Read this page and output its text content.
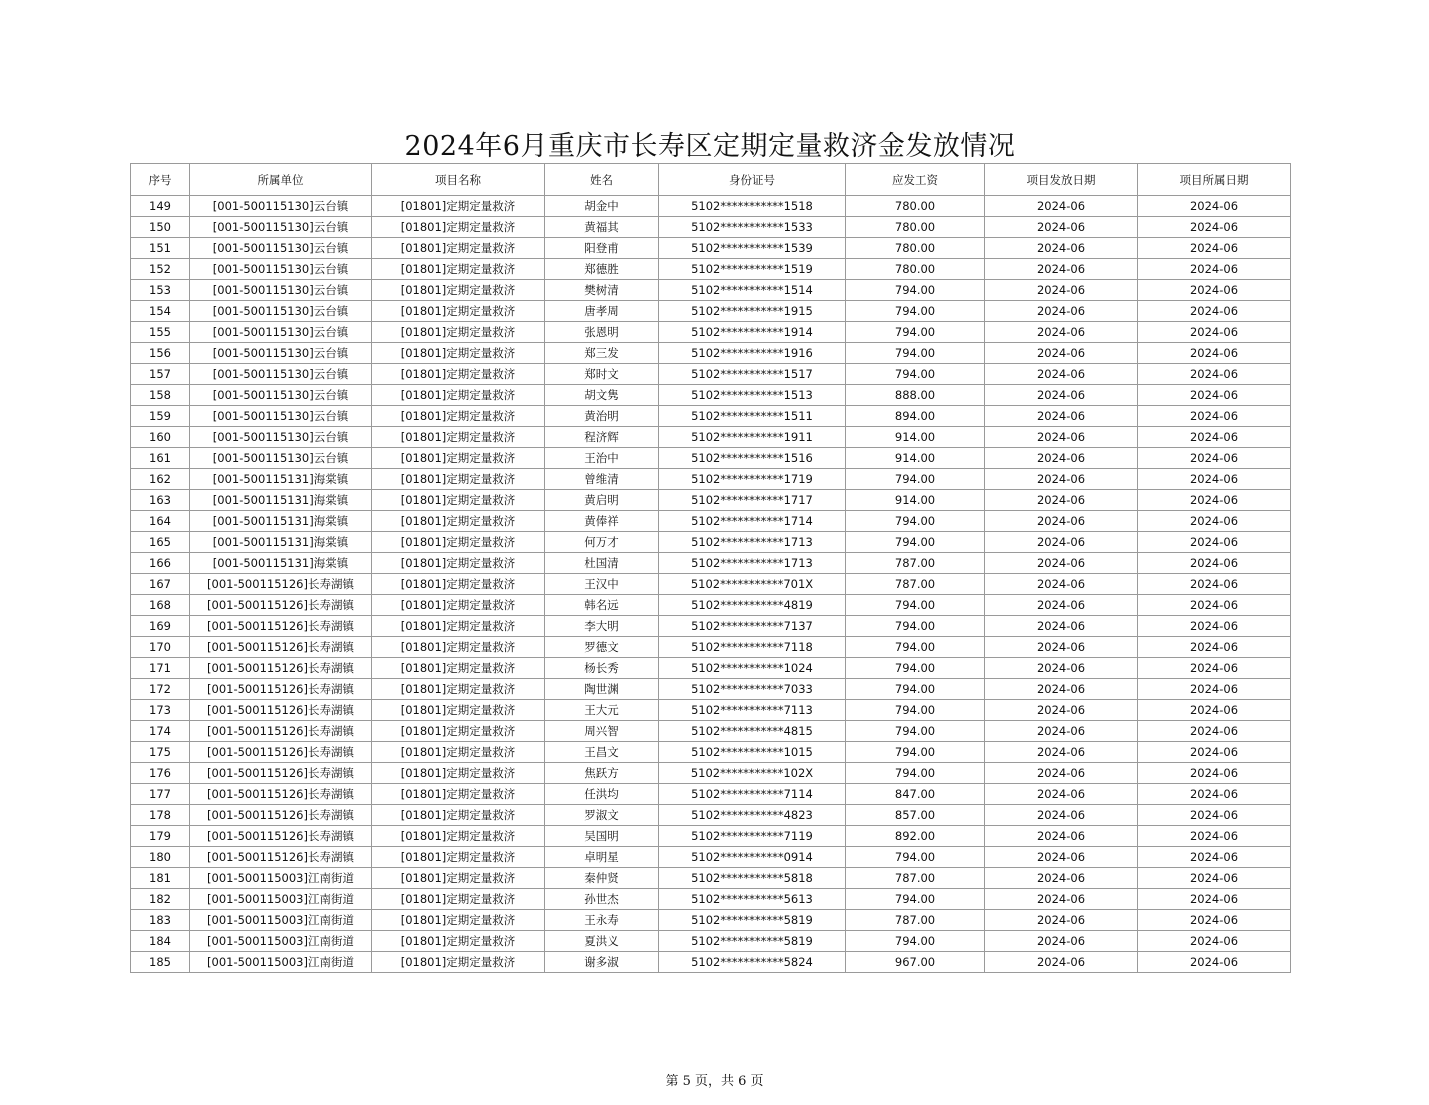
2024年6月重庆市长寿区定期定量救济金发放情况
序号	所属单位	项目名称	姓名	身份证号	应发工资	项目发放日期	项目所属日期
149	[001-500115130]云台镇	[01801]定期定量救济	胡金中	5102***********1518	780.00	2024-06	2024-06
150	[001-500115130]云台镇	[01801]定期定量救济	黄福其	5102***********1533	780.00	2024-06	2024-06
151	[001-500115130]云台镇	[01801]定期定量救济	阳登甫	5102***********1539	780.00	2024-06	2024-06
152	[001-500115130]云台镇	[01801]定期定量救济	郑德胜	5102***********1519	780.00	2024-06	2024-06
153	[001-500115130]云台镇	[01801]定期定量救济	樊树清	5102***********1514	794.00	2024-06	2024-06
154	[001-500115130]云台镇	[01801]定期定量救济	唐孝周	5102***********1915	794.00	2024-06	2024-06
155	[001-500115130]云台镇	[01801]定期定量救济	张恩明	5102***********1914	794.00	2024-06	2024-06
156	[001-500115130]云台镇	[01801]定期定量救济	郑三发	5102***********1916	794.00	2024-06	2024-06
157	[001-500115130]云台镇	[01801]定期定量救济	郑时文	5102***********1517	794.00	2024-06	2024-06
158	[001-500115130]云台镇	[01801]定期定量救济	胡文隽	5102***********1513	888.00	2024-06	2024-06
159	[001-500115130]云台镇	[01801]定期定量救济	黄治明	5102***********1511	894.00	2024-06	2024-06
160	[001-500115130]云台镇	[01801]定期定量救济	程济辉	5102***********1911	914.00	2024-06	2024-06
161	[001-500115130]云台镇	[01801]定期定量救济	王治中	5102***********1516	914.00	2024-06	2024-06
162	[001-500115131]海棠镇	[01801]定期定量救济	曾维清	5102***********1719	794.00	2024-06	2024-06
163	[001-500115131]海棠镇	[01801]定期定量救济	黄启明	5102***********1717	914.00	2024-06	2024-06
164	[001-500115131]海棠镇	[01801]定期定量救济	黄俸祥	5102***********1714	794.00	2024-06	2024-06
165	[001-500115131]海棠镇	[01801]定期定量救济	何万才	5102***********1713	794.00	2024-06	2024-06
166	[001-500115131]海棠镇	[01801]定期定量救济	杜国清	5102***********1713	787.00	2024-06	2024-06
167	[001-500115126]长寿湖镇	[01801]定期定量救济	王汉中	5102***********701X	787.00	2024-06	2024-06
168	[001-500115126]长寿湖镇	[01801]定期定量救济	韩名远	5102***********4819	794.00	2024-06	2024-06
169	[001-500115126]长寿湖镇	[01801]定期定量救济	李大明	5102***********7137	794.00	2024-06	2024-06
170	[001-500115126]长寿湖镇	[01801]定期定量救济	罗德文	5102***********7118	794.00	2024-06	2024-06
171	[001-500115126]长寿湖镇	[01801]定期定量救济	杨长秀	5102***********1024	794.00	2024-06	2024-06
172	[001-500115126]长寿湖镇	[01801]定期定量救济	陶世渊	5102***********7033	794.00	2024-06	2024-06
173	[001-500115126]长寿湖镇	[01801]定期定量救济	王大元	5102***********7113	794.00	2024-06	2024-06
174	[001-500115126]长寿湖镇	[01801]定期定量救济	周兴智	5102***********4815	794.00	2024-06	2024-06
175	[001-500115126]长寿湖镇	[01801]定期定量救济	王昌文	5102***********1015	794.00	2024-06	2024-06
176	[001-500115126]长寿湖镇	[01801]定期定量救济	焦跃方	5102***********102X	794.00	2024-06	2024-06
177	[001-500115126]长寿湖镇	[01801]定期定量救济	任洪均	5102***********7114	847.00	2024-06	2024-06
178	[001-500115126]长寿湖镇	[01801]定期定量救济	罗淑文	5102***********4823	857.00	2024-06	2024-06
179	[001-500115126]长寿湖镇	[01801]定期定量救济	吴国明	5102***********7119	892.00	2024-06	2024-06
180	[001-500115126]长寿湖镇	[01801]定期定量救济	卓明星	5102***********0914	794.00	2024-06	2024-06
181	[001-500115003]江南街道	[01801]定期定量救济	秦仲贤	5102***********5818	787.00	2024-06	2024-06
182	[001-500115003]江南街道	[01801]定期定量救济	孙世杰	5102***********5613	794.00	2024-06	2024-06
183	[001-500115003]江南街道	[01801]定期定量救济	王永寿	5102***********5819	787.00	2024-06	2024-06
184	[001-500115003]江南街道	[01801]定期定量救济	夏洪义	5102***********5819	794.00	2024-06	2024-06
185	[001-500115003]江南街道	[01801]定期定量救济	谢多淑	5102***********5824	967.00	2024-06	2024-06
第 5 页，共 6 页
